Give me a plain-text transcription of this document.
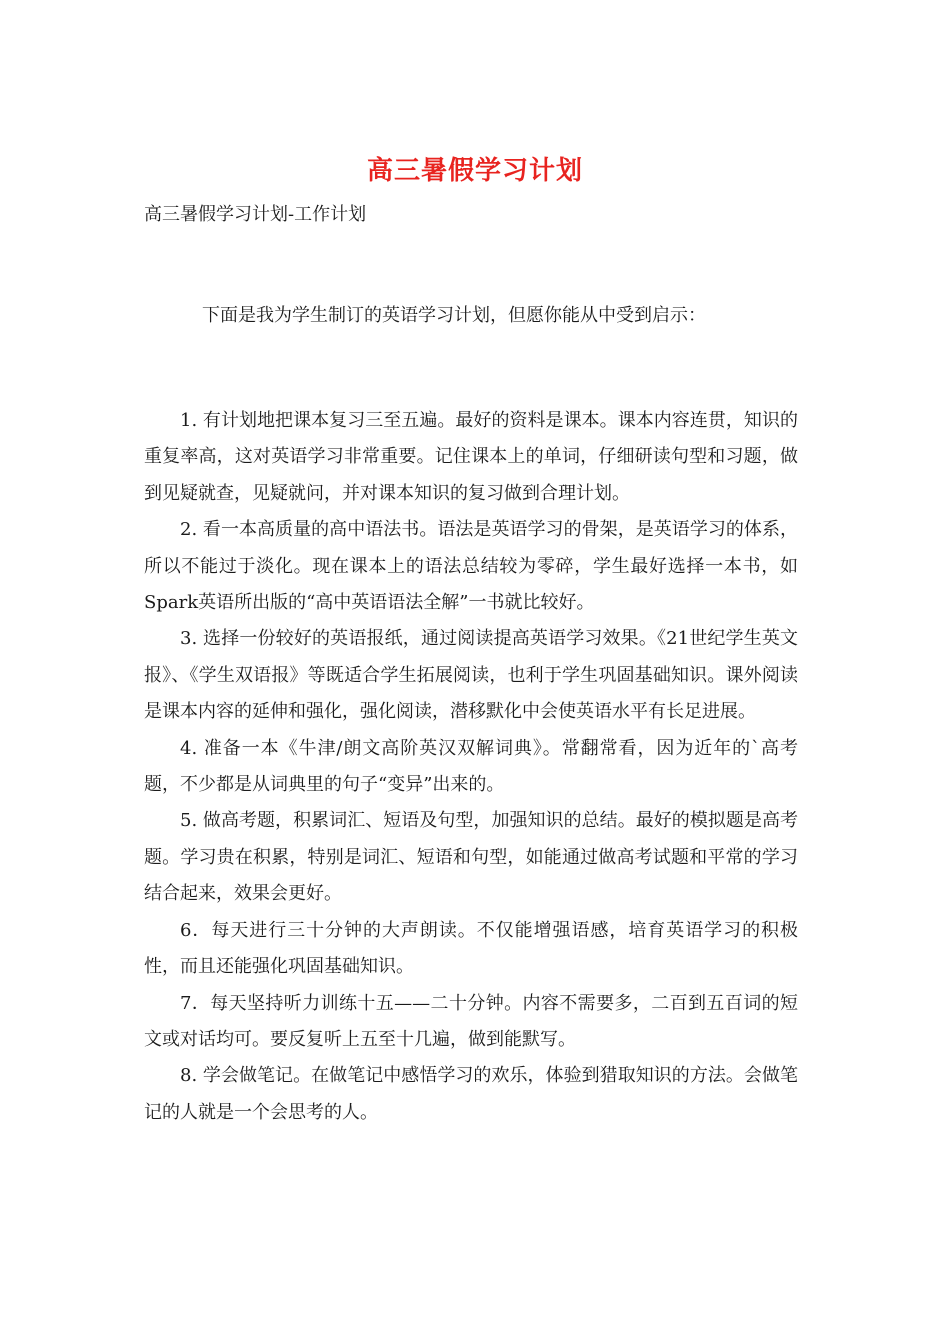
高三暑假学习计划
高三暑假学习计划-工作计划
下面是我为学生制订的英语学习计划，但愿你能从中受到启示：

1. 有计划地把课本复习三至五遍。最好的资料是课本。课本内容连贯，知识的重复率高，这对英语学习非常重要。记住课本上的单词，仔细研读句型和习题，做到见疑就查，见疑就问，并对课本知识的复习做到合理计划。

2. 看一本高质量的高中语法书。语法是英语学习的骨架，是英语学习的体系，所以不能过于淡化。现在课本上的语法总结较为零碎，学生最好选择一本书，如Spark英语所出版的“高中英语语法全解”一书就比较好。

3. 选择一份较好的英语报纸，通过阅读提高英语学习效果。《21世纪学生英文报》、《学生双语报》等既适合学生拓展阅读，也利于学生巩固基础知识。课外阅读是课本内容的延伸和强化，强化阅读，潜移默化中会使英语水平有长足进展。

4. 准备一本《牛津/朗文高阶英汉双解词典》。常翻常看，因为近年的`高考题，不少都是从词典里的句子“变异”出来的。

5. 做高考题，积累词汇、短语及句型，加强知识的总结。最好的模拟题是高考题。学习贵在积累，特别是词汇、短语和句型，如能通过做高考试题和平常的学习结合起来，效果会更好。

6．每天进行三十分钟的大声朗读。不仅能增强语感，培育英语学习的积极性，而且还能强化巩固基础知识。

7．每天坚持听力训练十五——二十分钟。内容不需要多，二百到五百词的短文或对话均可。要反复听上五至十几遍，做到能默写。

8. 学会做笔记。在做笔记中感悟学习的欢乐，体验到猎取知识的方法。会做笔记的人就是一个会思考的人。
